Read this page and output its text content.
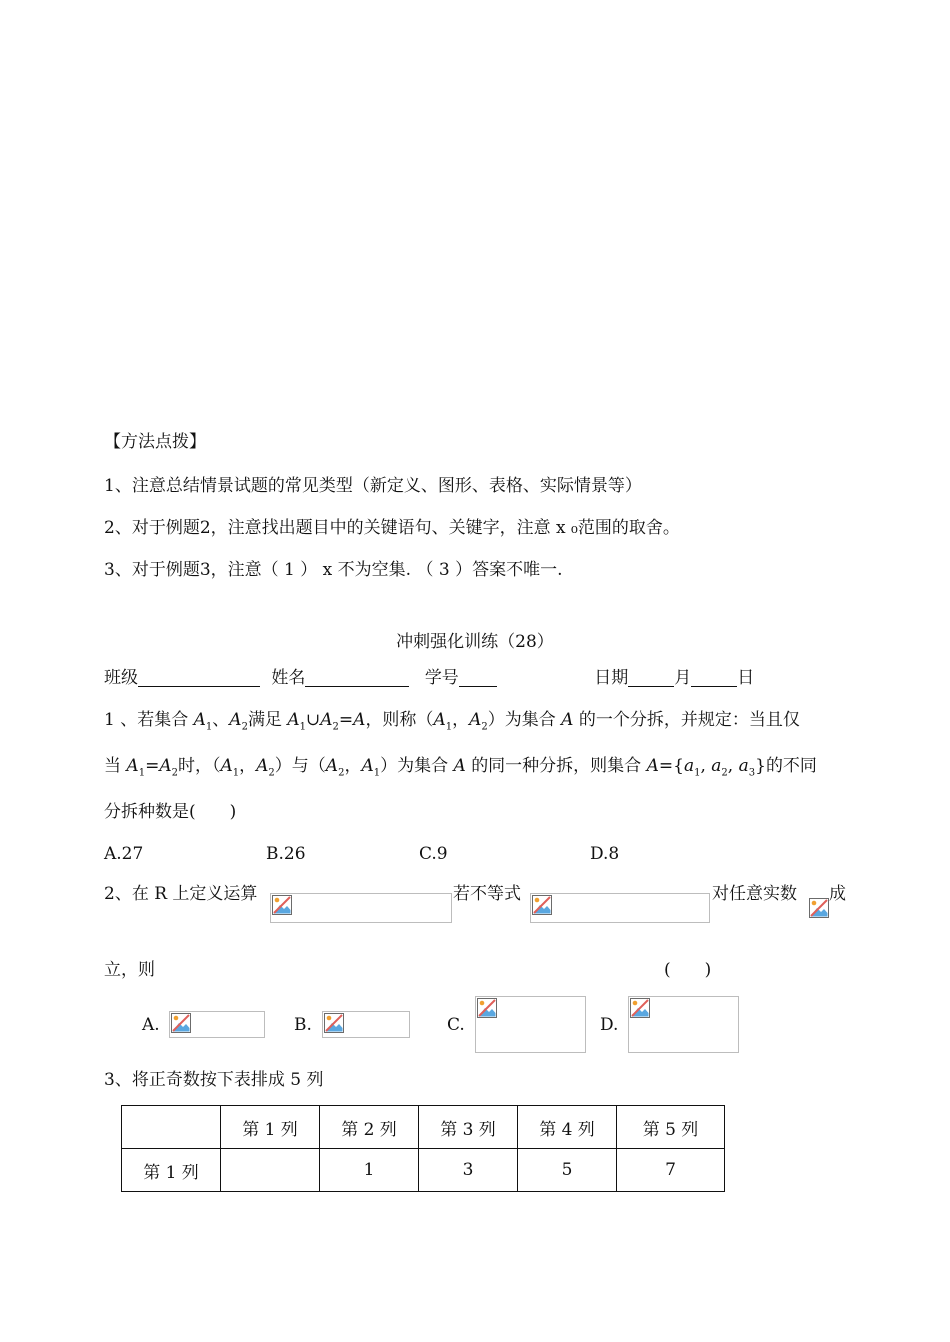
【方法点拨】
1、注意总结情景试题的常见类型（新定义、图形、表格、实际情景等）
2、对于例题2，注意找出题目中的关键语句、关键字，注意 x ₀范围的取舍。
3、对于例题3，注意（ 1 ） x 不为空集. （ 3 ）答案不唯一.
冲刺强化训练（28）
班级	姓名	学号	日期	月	日
1 、若集合 $A_1$、$A_2$满足 $A_1\cup A_2=A$，则称（$A_1$，$A_2$）为集合 A 的一个分拆，并规定：当且仅
当 $A_1=A_2$时，（$A_1$，$A_2$）与（$A_2$，$A_1$）为集合 A 的同一种分拆，则集合 $A=\{a_1$, $a_2$, $a_3$}的不同
分拆种数是(　　)
A.27	B.26	C.9	D.8
2、在 R 上定义运算	若不等式	对任意实数 成
立，则	(　　)
A.	B.	C.	D.
3、将正奇数按下表排成 5 列
	第 1 列	第 2 列	第 3 列	第 4 列	第 5 列
第 1 列		1	3	5	7
